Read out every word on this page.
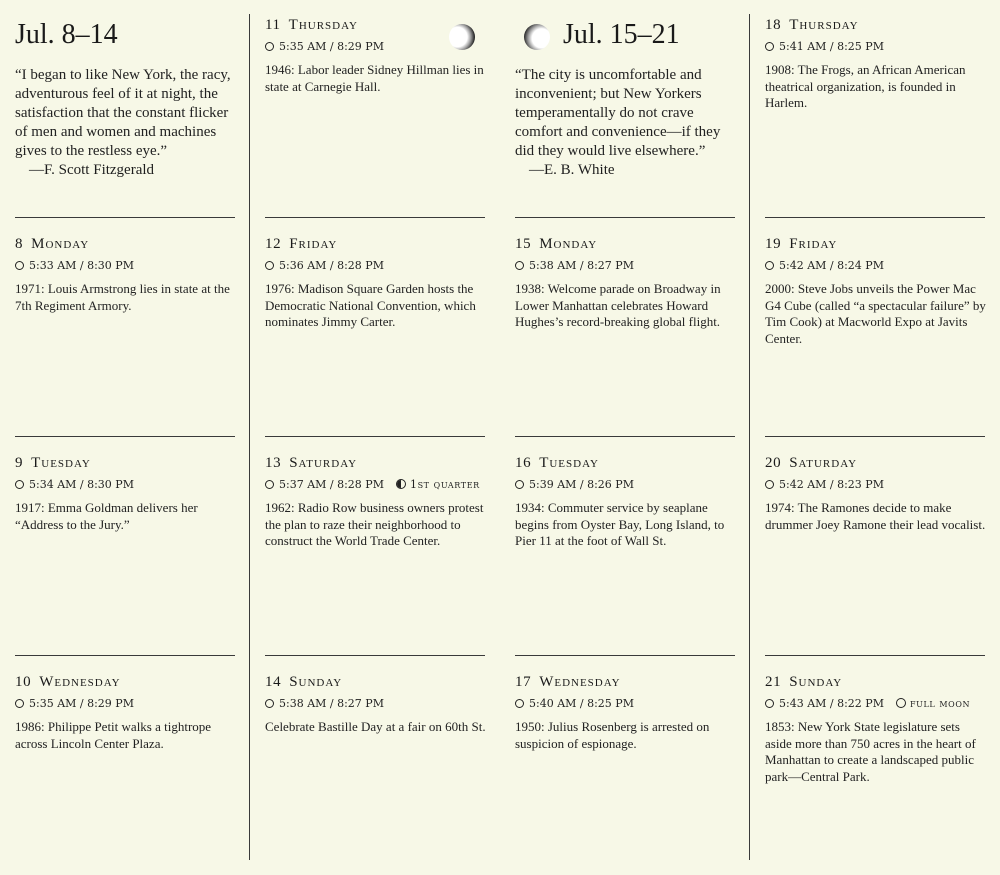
Jul. 8–14
“I began to like New York, the racy, adventurous feel of it at night, the satisfaction that the constant flicker of men and women and machines gives to the restless eye.”
—F. Scott Fitzgerald
8 Monday
5:33 AM / 8:30 PM
1971: Louis Armstrong lies in state at the 7th Regiment Armory.
9 Tuesday
5:34 AM / 8:30 PM
1917: Emma Goldman delivers her “Address to the Jury.”
10 Wednesday
5:35 AM / 8:29 PM
1986: Philippe Petit walks a tightrope across Lincoln Center Plaza.
11 Thursday
5:35 AM / 8:29 PM
1946: Labor leader Sidney Hillman lies in state at Carnegie Hall.
12 Friday
5:36 AM / 8:28 PM
1976: Madison Square Garden hosts the Democratic National Convention, which nominates Jimmy Carter.
13 Saturday
5:37 AM / 8:28 PM 1st quarter
1962: Radio Row business owners protest the plan to raze their neighborhood to construct the World Trade Center.
14 Sunday
5:38 AM / 8:27 PM
Celebrate Bastille Day at a fair on 60th St.
Jul. 15–21
“The city is uncomfortable and inconvenient; but New Yorkers temperamentally do not crave comfort and convenience—if they did they would live elsewhere.”
—E. B. White
15 Monday
5:38 AM / 8:27 PM
1938: Welcome parade on Broadway in Lower Manhattan celebrates Howard Hughes’s record-breaking global flight.
16 Tuesday
5:39 AM / 8:26 PM
1934: Commuter service by seaplane begins from Oyster Bay, Long Island, to Pier 11 at the foot of Wall St.
17 Wednesday
5:40 AM / 8:25 PM
1950: Julius Rosenberg is arrested on suspicion of espionage.
18 Thursday
5:41 AM / 8:25 PM
1908: The Frogs, an African American theatrical organization, is founded in Harlem.
19 Friday
5:42 AM / 8:24 PM
2000: Steve Jobs unveils the Power Mac G4 Cube (called “a spectacular failure” by Tim Cook) at Macworld Expo at Javits Center.
20 Saturday
5:42 AM / 8:23 PM
1974: The Ramones decide to make drummer Joey Ramone their lead vocalist.
21 Sunday
5:43 AM / 8:22 PM full moon
1853: New York State legislature sets aside more than 750 acres in the heart of Manhattan to create a landscaped public park—Central Park.
